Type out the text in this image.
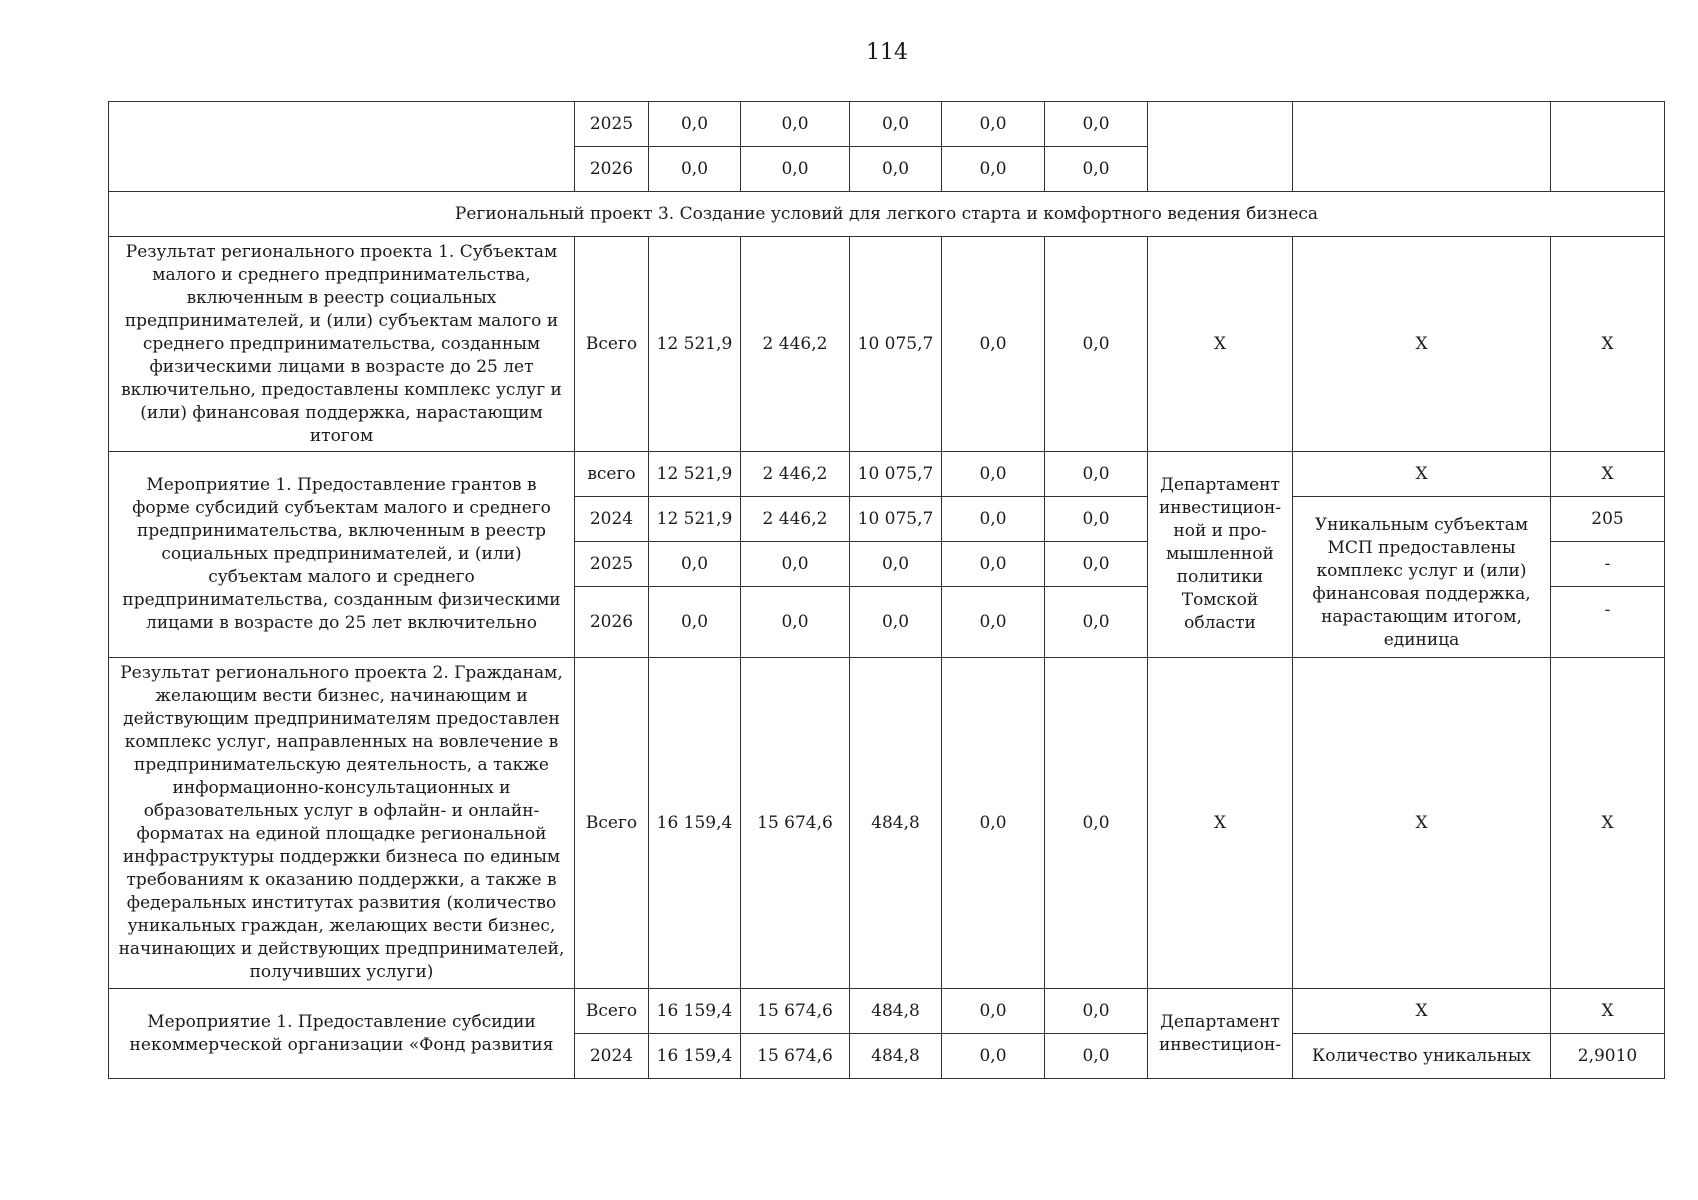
114
	2025	0,0	0,0	0,0	0,0	0,0			
	2026	0,0	0,0	0,0	0,0	0,0			
Региональный проект 3. Создание условий для легкого старта и комфортного ведения бизнеса									
Результат регионального проекта 1. Субъектам малого и среднего предпринимательства, включенным в реестр социальных предпринимателей, и (или) субъектам малого и среднего предпринимательства, созданным физическими лицами в возрасте до 25 лет включительно, предоставлены комплекс услуг и (или) финансовая поддержка, нарастающим итогом	Всего	12 521,9	2 446,2	10 075,7	0,0	0,0	X	X	X
Мероприятие 1. Предоставление грантов в форме субсидий субъектам малого и среднего предпринимательства, включенным в реестр социальных предпринимателей, и (или) субъектам малого и среднего предпринимательства, созданным физическими лицами в возрасте до 25 лет включительно	всего	12 521,9	2 446,2	10 075,7	0,0	0,0	Департамент инвестицион-ной и про-мышленной политики Томской области	X	X
	2024	12 521,9	2 446,2	10 075,7	0,0	0,0		Уникальным субъектам МСП предоставлены комплекс услуг и (или) финансовая поддержка, нарастающим итогом, единица	205
	2025	0,0	0,0	0,0	0,0	0,0			-
	2026	0,0	0,0	0,0	0,0	0,0			-
Результат регионального проекта 2. Гражданам, желающим вести бизнес, начинающим и действующим предпринимателям предоставлен комплекс услуг, направленных на вовлечение в предпринимательскую деятельность, а также информационно-консультационных и образовательных услуг в офлайн- и онлайн-форматах на единой площадке региональной инфраструктуры поддержки бизнеса по единым требованиям к оказанию поддержки, а также в федеральных институтах развития (количество уникальных граждан, желающих вести бизнес, начинающих и действующих предпринимателей, получивших услуги)	Всего	16 159,4	15 674,6	484,8	0,0	0,0	X	X	X
Мероприятие 1. Предоставление субсидии некоммерческой организации «Фонд развития	Всего	16 159,4	15 674,6	484,8	0,0	0,0	Департамент инвестицион-	X	X
	2024	16 159,4	15 674,6	484,8	0,0	0,0		Количество уникальных	2,9010
